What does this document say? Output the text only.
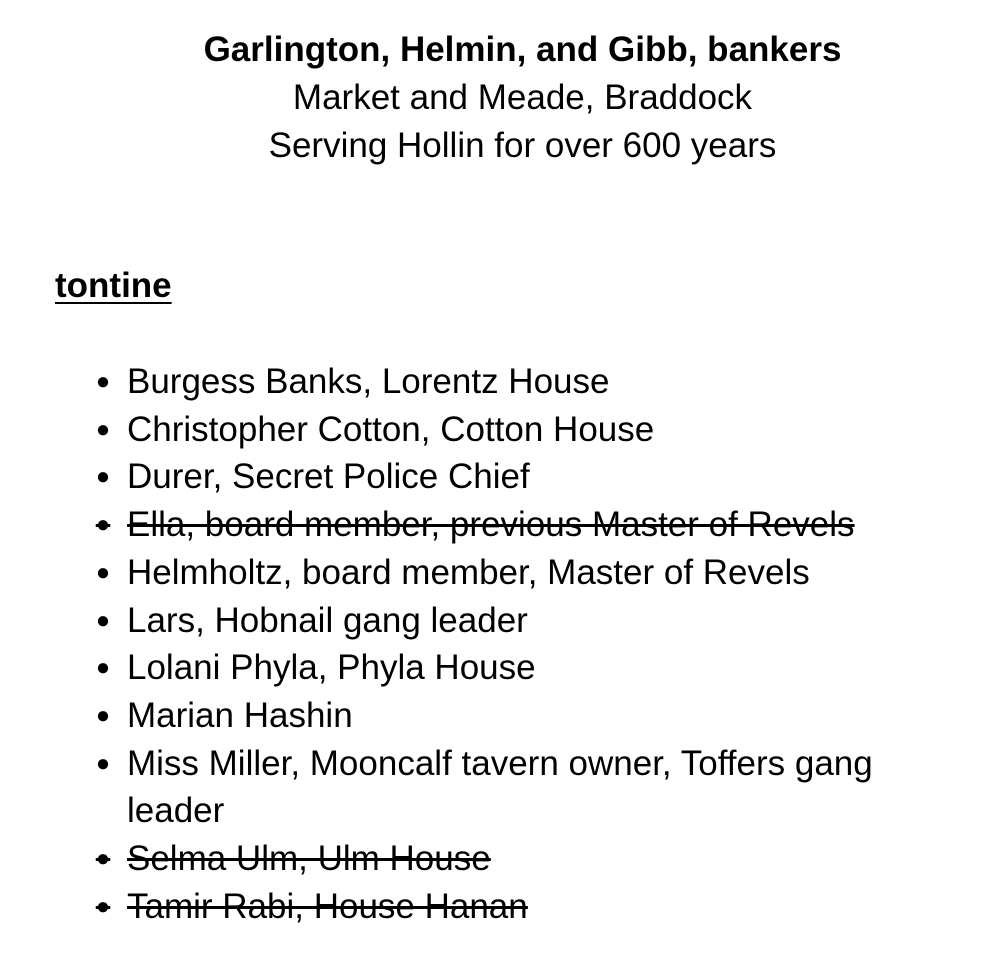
Garlington, Helmin, and Gibb, bankers
Market and Meade, Braddock
Serving Hollin for over 600 years
tontine
● Burgess Banks, Lorentz House
● Christopher Cotton, Cotton House
● Durer, Secret Police Chief
● Ella, board member, previous Master of Revels
● Helmholtz, board member, Master of Revels
● Lars, Hobnail gang leader
● Lolani Phyla, Phyla House
● Marian Hashin
● Miss Miller, Mooncalf tavern owner, Toffers gang leader
● Selma Ulm, Ulm House
● Tamir Rabi, House Hanan
